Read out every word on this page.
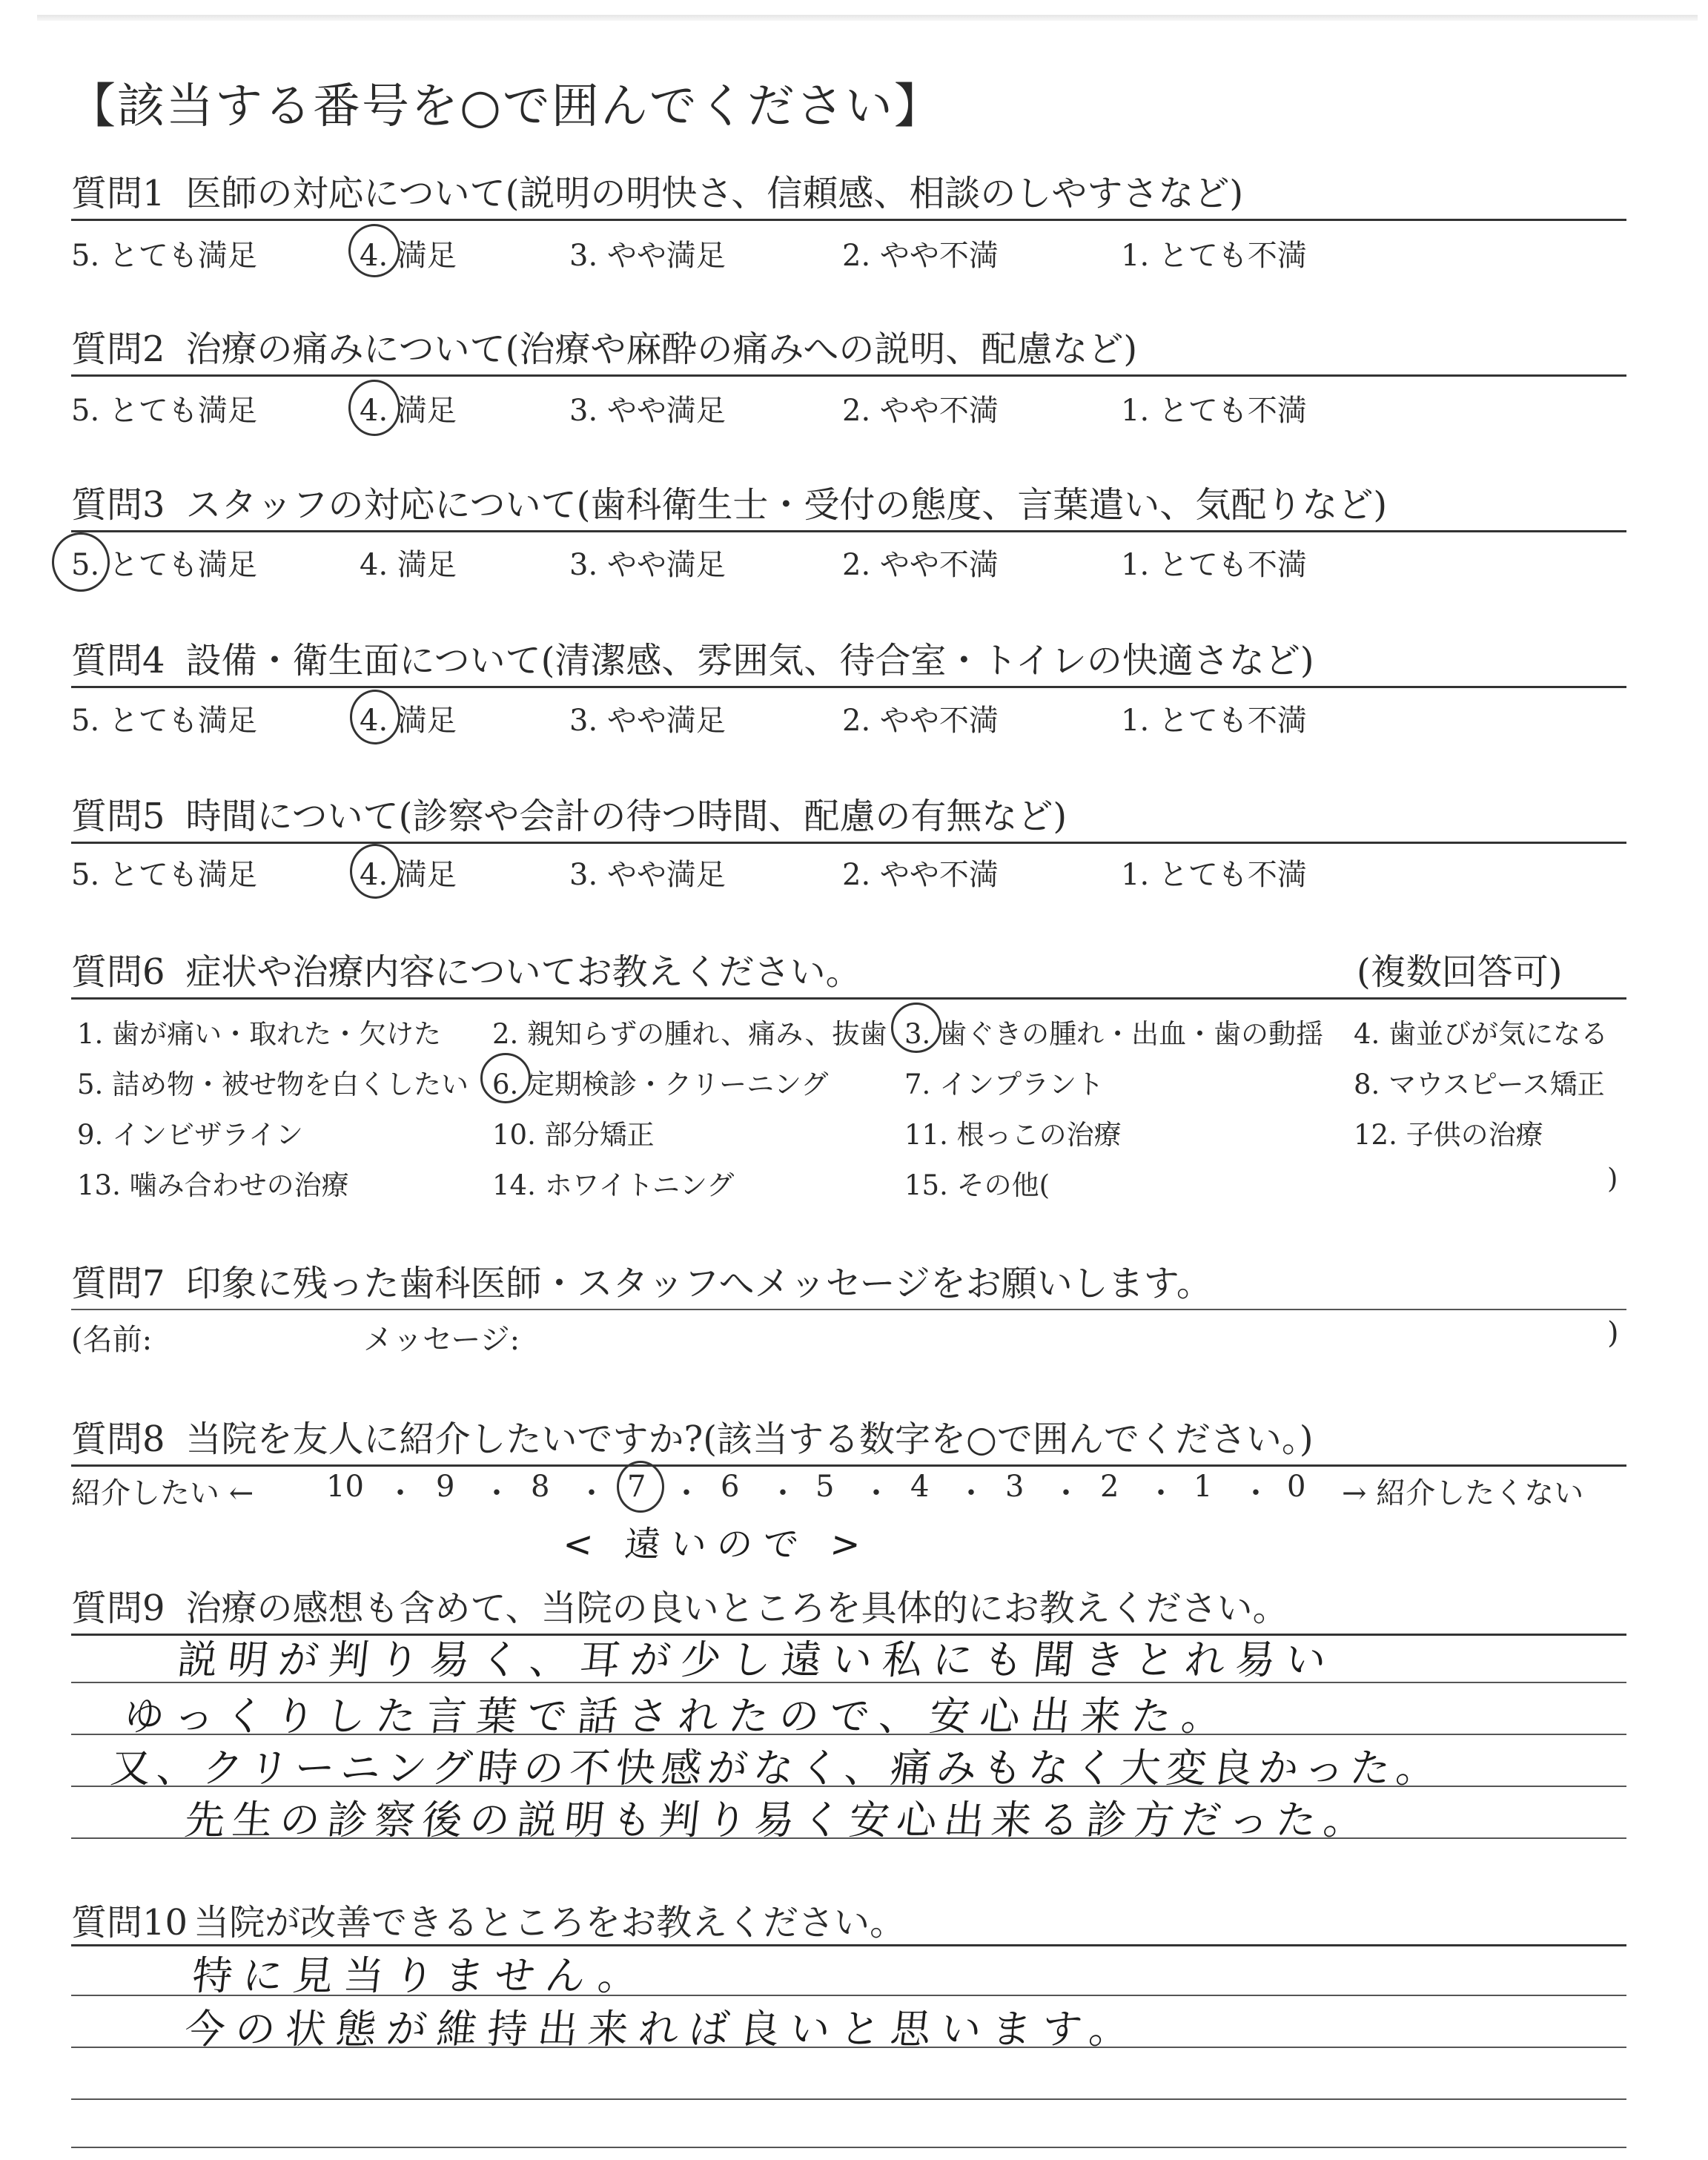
【該当する番号を○で囲んでください】
質問1 医師の対応について(説明の明快さ、信頼感、相談のしやすさなど)
5. とても満足	4. 満足	3. やや満足	2. やや不満	1. とても不満
質問2 治療の痛みについて(治療や麻酔の痛みへの説明、配慮など)
5. とても満足	4. 満足	3. やや満足	2. やや不満	1. とても不満
質問3 スタッフの対応について(歯科衛生士・受付の態度、言葉遣い、気配りなど)
5. とても満足	4. 満足	3. やや満足	2. やや不満	1. とても不満
質問4 設備・衛生面について(清潔感、雰囲気、待合室・トイレの快適さなど)
5. とても満足	4. 満足	3. やや満足	2. やや不満	1. とても不満
質問5 時間について(診察や会計の待つ時間、配慮の有無など)
5. とても満足	4. 満足	3. やや満足	2. やや不満	1. とても不満
質問6 症状や治療内容についてお教えください。	(複数回答可)
1. 歯が痛い・取れた・欠けた 2. 親知らずの腫れ、痛み、抜歯 3. 歯ぐきの腫れ・出血・歯の動揺 4. 歯並びが気になる
5. 詰め物・被せ物を白くしたい 6. 定期検診・クリーニング	7. インプラント	8. マウスピース矯正
9. インビザライン	10. 部分矯正	11. 根っこの治療	12. 子供の治療
13. 噛み合わせの治療	14. ホワイトニング	15. その他(	)
質問7 印象に残った歯科医師・スタッフへメッセージをお願いします。
(名前:	メッセージ:	)
質問8 当院を友人に紹介したいですか?(該当する数字を○で囲んでください。)
紹介したい ← 10 ・ 9 ・ 8 ・ 7 ・ 6 ・ 5 ・ 4 ・ 3 ・ 2 ・ 1 ・ 0 → 紹介したくない
< 遠いので >
質問9 治療の感想も含めて、当院の良いところを具体的にお教えください。
説明が判り易く、耳が少し遠い私にも聞きとれ易い
ゆっくりした言葉で話されたので、安心出来た。
又、クリーニング時の不快感がなく、痛みもなく大変良かった。
先生の診察後の説明も判り易く安心出来る診方だった。
質問10 当院が改善できるところをお教えください。
特に見当りません。
今の状態が維持出来れば良いと思います。
